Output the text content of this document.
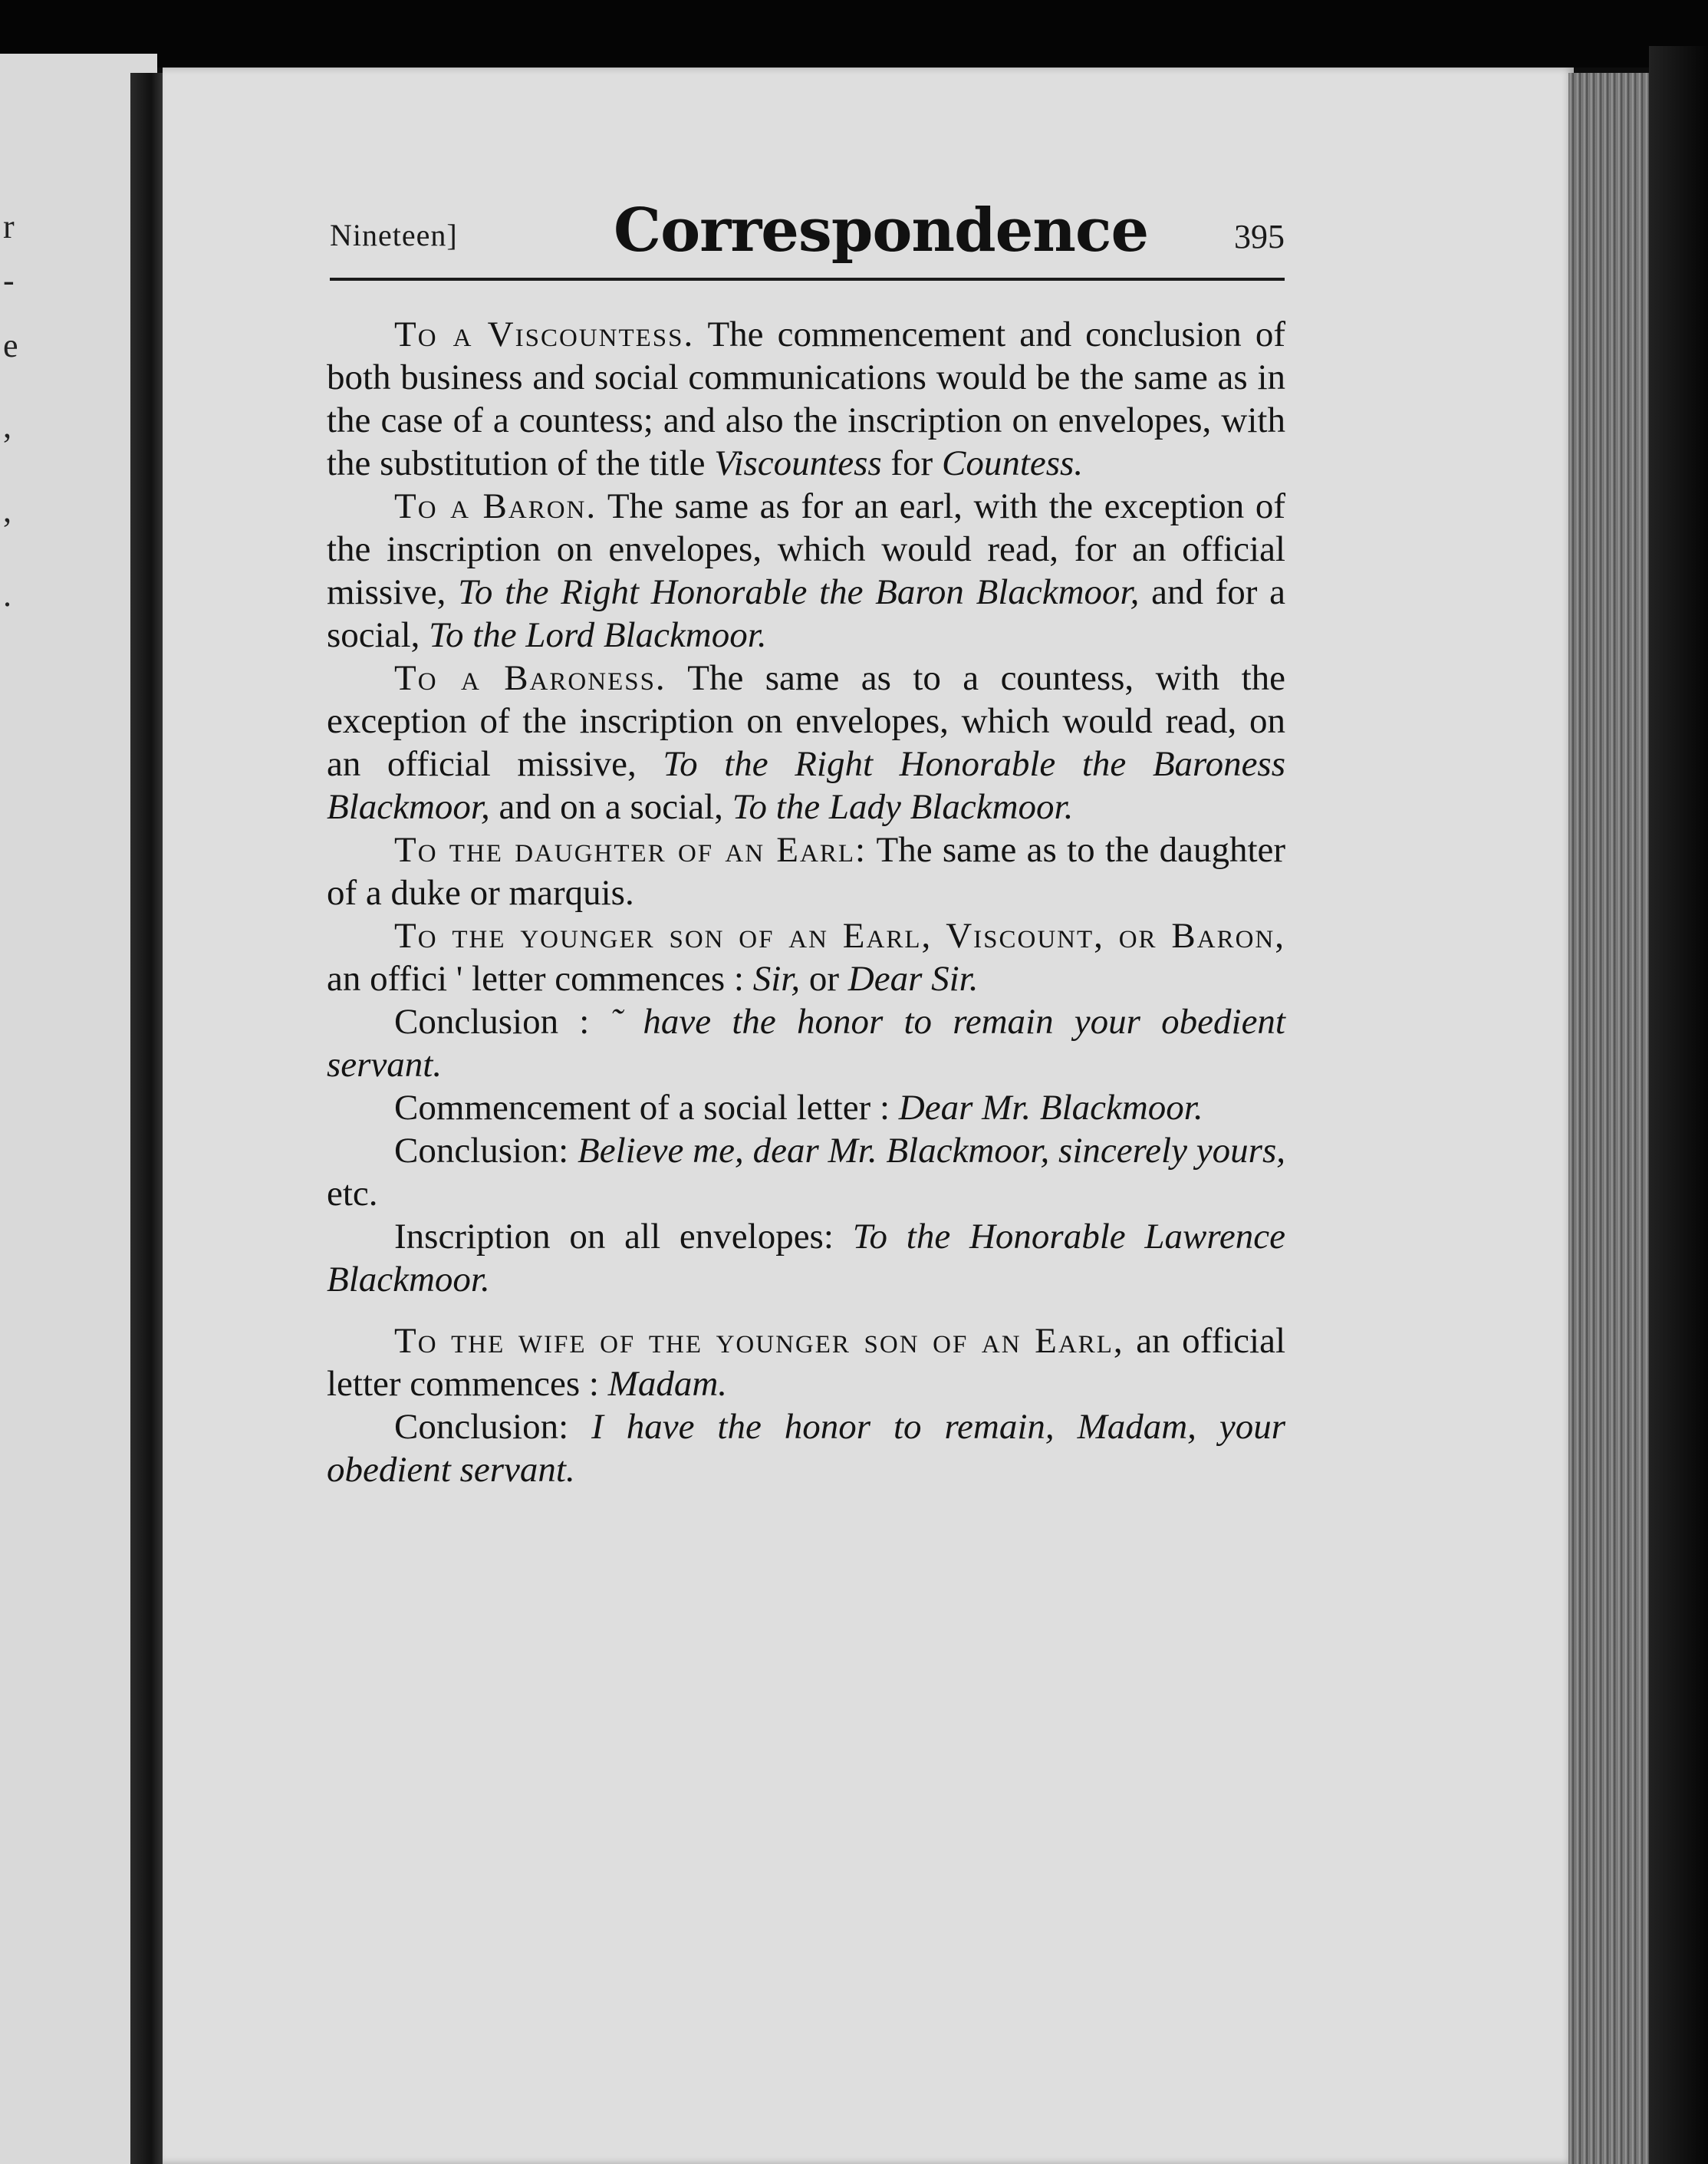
r
-
e
,
,
.
Nineteen]	Correspondence	395

To a Viscountess. The commencement and conclusion of both business and social communications would be the same as in the case of a countess; and also the inscription on envelopes, with the substitution of the title Viscountess for Countess.

To a Baron. The same as for an earl, with the exception of the inscription on envelopes, which would read, for an official missive, To the Right Honorable the Baron Blackmoor, and for a social, To the Lord Blackmoor.

To a Baroness. The same as to a countess, with the exception of the inscription on envelopes, which would read, on an official missive, To the Right Honorable the Baroness Blackmoor, and on a social, To the Lady Blackmoor.

To the daughter of an Earl: The same as to the daughter of a duke or marquis.

To the younger son of an Earl, Viscount, or Baron, an offici ' letter commences : Sir, or Dear Sir.

Conclusion : ˜ have the honor to remain your obedient servant.

Commencement of a social letter : Dear Mr. Blackmoor.

Conclusion: Believe me, dear Mr. Blackmoor, sincerely yours, etc.

Inscription on all envelopes: To the Honorable Lawrence Blackmoor.

To the wife of the younger son of an Earl, an official letter commences : Madam.

Conclusion: I have the honor to remain, Madam, your obedient servant.
